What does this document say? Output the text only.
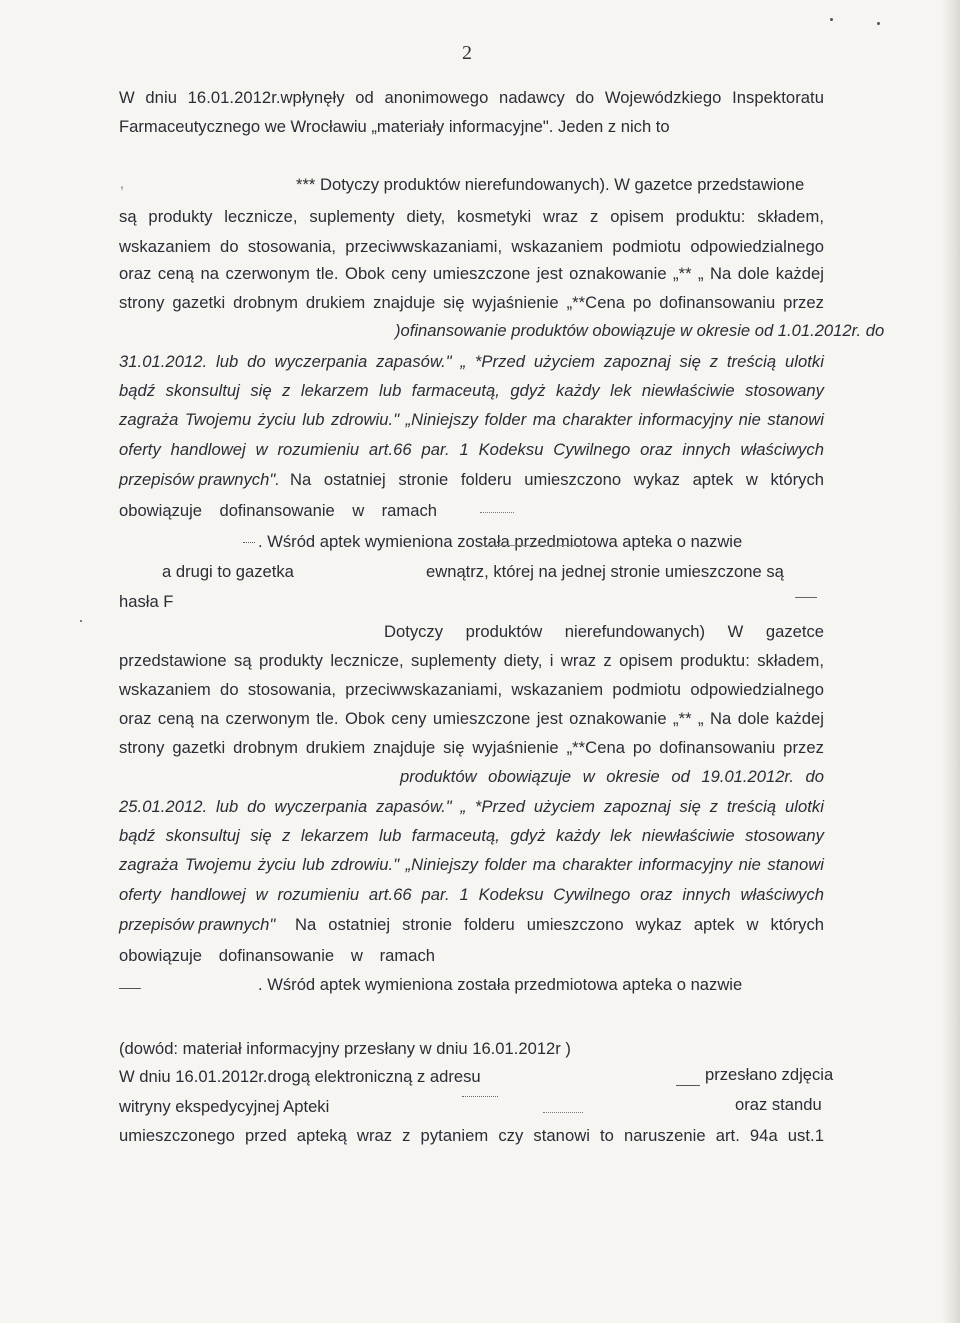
2
W dniu 16.01.2012r.wpłynęły od anonimowego nadawcy do Wojewódzkiego Inspektoratu
Farmaceutycznego we Wrocławiu „materiały informacyjne". Jeden z nich to
*** Dotyczy produktów nierefundowanych). W gazetce przedstawione
są produkty lecznicze, suplementy diety, kosmetyki wraz z opisem produktu: składem,
wskazaniem do stosowania, przeciwwskazaniami, wskazaniem podmiotu odpowiedzialnego
oraz ceną na czerwonym tle. Obok ceny umieszczone jest oznakowanie „** „ Na dole każdej
strony gazetki drobnym drukiem znajduje się wyjaśnienie „**Cena po dofinansowaniu przez
)ofinansowanie produktów obowiązuje w okresie od 1.01.2012r. do
31.01.2012. lub do wyczerpania zapasów." „ *Przed użyciem zapoznaj się z treścią ulotki
bądź skonsultuj się z lekarzem lub farmaceutą, gdyż każdy lek niewłaściwie stosowany
zagraża Twojemu życiu lub zdrowiu." „Niniejszy folder ma charakter informacyjny nie stanowi
oferty handlowej w rozumieniu art.66 par. 1 Kodeksu Cywilnego oraz innych właściwych
przepisów prawnych". Na ostatniej stronie folderu umieszczono wykaz aptek w których
obowiązuje dofinansowanie w ramach
. Wśród aptek wymieniona została przedmiotowa apteka o nazwie
a drugi to gazetka	ewnątrz, której na jednej stronie umieszczone są
hasła F
Dotyczy produktów nierefundowanych) W gazetce
przedstawione są produkty lecznicze, suplementy diety, i wraz z opisem produktu: składem,
wskazaniem do stosowania, przeciwwskazaniami, wskazaniem podmiotu odpowiedzialnego
oraz ceną na czerwonym tle. Obok ceny umieszczone jest oznakowanie „** „ Na dole każdej
strony gazetki drobnym drukiem znajduje się wyjaśnienie „**Cena po dofinansowaniu przez
produktów obowiązuje w okresie od 19.01.2012r. do
25.01.2012. lub do wyczerpania zapasów." „ *Przed użyciem zapoznaj się z treścią ulotki
bądź skonsultuj się z lekarzem lub farmaceutą, gdyż każdy lek niewłaściwie stosowany
zagraża Twojemu życiu lub zdrowiu." „Niniejszy folder ma charakter informacyjny nie stanowi
oferty handlowej w rozumieniu art.66 par. 1 Kodeksu Cywilnego oraz innych właściwych
przepisów prawnych" Na ostatniej stronie folderu umieszczono wykaz aptek w których
obowiązuje dofinansowanie w ramach
. Wśród aptek wymieniona została przedmiotowa apteka o nazwie
(dowód: materiał informacyjny przesłany w dniu 16.01.2012r )
W dniu 16.01.2012r.drogą elektroniczną z adresu	przesłano zdjęcia
witryny ekspedycyjnej Apteki	oraz standu
umieszczonego przed apteką wraz z pytaniem czy stanowi to naruszenie art. 94a ust.1
,
